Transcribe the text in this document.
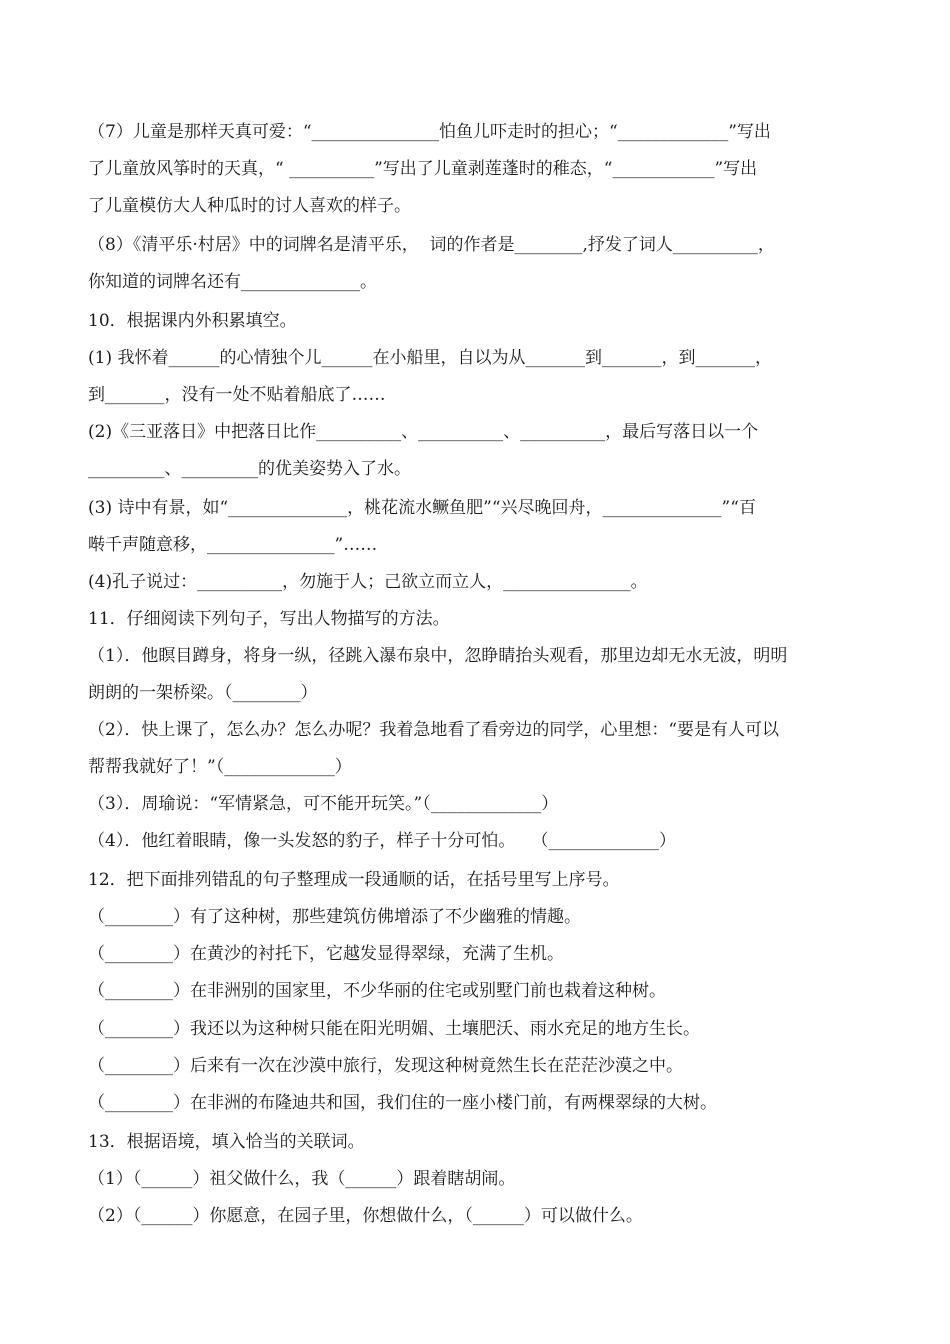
（7）儿童是那样天真可爱：“_______________怕鱼儿吓走时的担心；“_____________”写出
了儿童放风筝时的天真，“ __________”写出了儿童剥莲蓬时的稚态，“____________”写出
了儿童模仿大人种瓜时的讨人喜欢的样子。
（8）《清平乐·村居》中的词牌名是清平乐，  词的作者是________,抒发了词人__________，
你知道的词牌名还有______________。
10．根据课内外积累填空。
(1) 我怀着______的心情独个儿______在小船里，自以为从_______到_______，到_______，
到_______，没有一处不贴着船底了……
(2)《三亚落日》中把落日比作__________、__________、__________，最后写落日以一个
_________、_________的优美姿势入了水。
(3) 诗中有景，如“______________，桃花流水鳜鱼肥”“兴尽晚回舟，______________”“百
啭千声随意移，_______________”……
(4)孔子说过：__________，勿施于人；己欲立而立人，_______________。
11．仔细阅读下列句子，写出人物描写的方法。
（1）．他瞑目蹲身，将身一纵，径跳入瀑布泉中，忽睁睛抬头观看，那里边却无水无波，明明
朗朗的一架桥梁。（________）
（2）．快上课了，怎么办？怎么办呢？我着急地看了看旁边的同学，心里想：“要是有人可以
帮帮我就好了！”（_____________）
（3）．周瑜说：“军情紧急，可不能开玩笑。”（_____________）
（4）．他红着眼睛，像一头发怒的豹子，样子十分可怕。   （_____________）
12．把下面排列错乱的句子整理成一段通顺的话，在括号里写上序号。
（________）有了这种树，那些建筑仿佛增添了不少幽雅的情趣。
（________）在黄沙的衬托下，它越发显得翠绿，充满了生机。
（________）在非洲别的国家里，不少华丽的住宅或别墅门前也栽着这种树。
（________）我还以为这种树只能在阳光明媚、土壤肥沃、雨水充足的地方生长。
（________）后来有一次在沙漠中旅行，发现这种树竟然生长在茫茫沙漠之中。
（________）在非洲的布隆迪共和国，我们住的一座小楼门前，有两棵翠绿的大树。
13．根据语境，填入恰当的关联词。
（1）（______）祖父做什么，我（______）跟着瞎胡闹。
（2）（______）你愿意，在园子里，你想做什么，（______）可以做什么。
